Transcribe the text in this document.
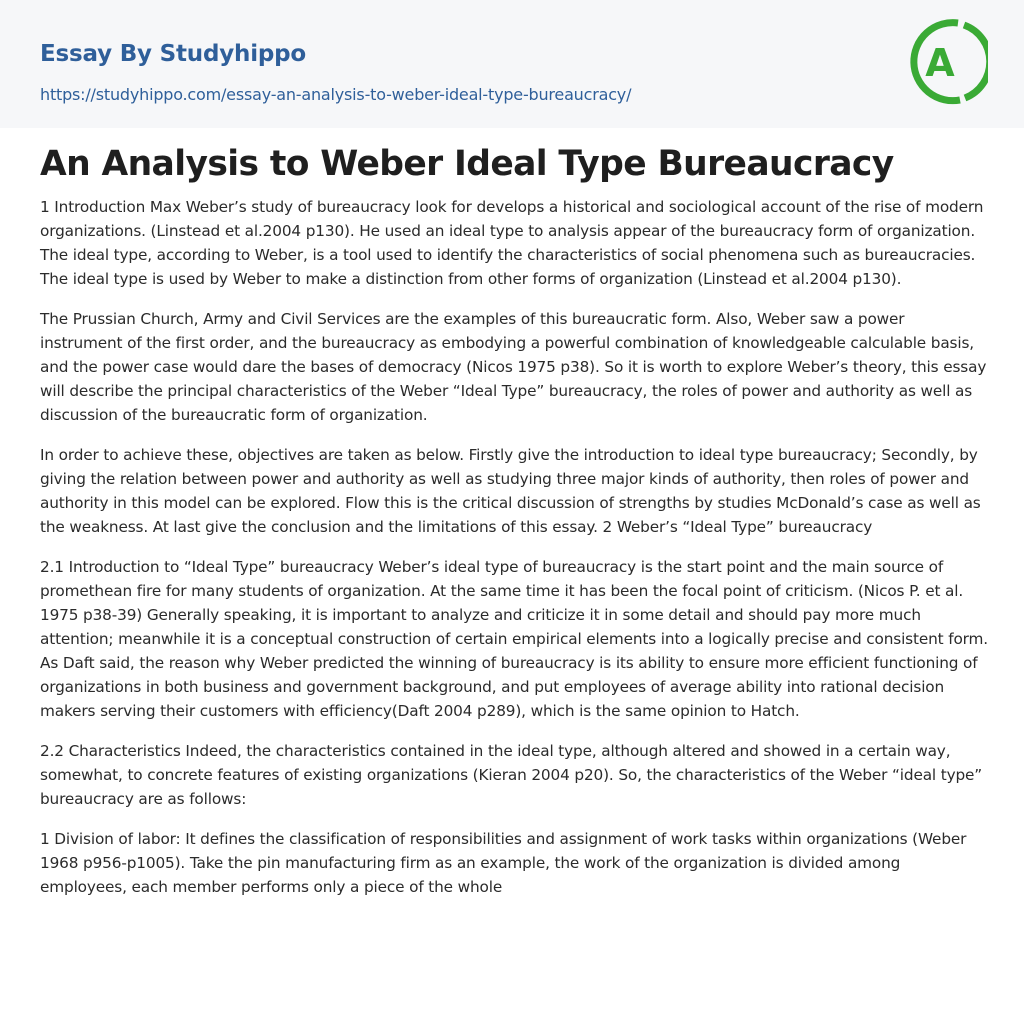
Essay By Studyhippo
https://studyhippo.com/essay-an-analysis-to-weber-ideal-type-bureaucracy/
A
An Analysis to Weber Ideal Type Bureaucracy

1 Introduction Max Weber’s study of bureaucracy look for develops a historical and sociological account of the rise of modern organizations. (Linstead et al.2004 p130). He used an ideal type to analysis appear of the bureaucracy form of organization. The ideal type, according to Weber, is a tool used to identify the characteristics of social phenomena such as bureaucracies. The ideal type is used by Weber to make a distinction from other forms of organization (Linstead et al.2004 p130).

The Prussian Church, Army and Civil Services are the examples of this bureaucratic form. Also, Weber saw a power instrument of the first order, and the bureaucracy as embodying a powerful combination of knowledgeable calculable basis, and the power case would dare the bases of democracy (Nicos 1975 p38). So it is worth to explore Weber’s theory, this essay will describe the principal characteristics of the Weber “Ideal Type” bureaucracy, the roles of power and authority as well as discussion of the bureaucratic form of organization.

In order to achieve these, objectives are taken as below. Firstly give the introduction to ideal type bureaucracy; Secondly, by giving the relation between power and authority as well as studying three major kinds of authority, then roles of power and authority in this model can be explored. Flow this is the critical discussion of strengths by studies McDonald’s case as well as the weakness. At last give the conclusion and the limitations of this essay. 2 Weber’s “Ideal Type” bureaucracy

2.1 Introduction to “Ideal Type” bureaucracy Weber’s ideal type of bureaucracy is the start point and the main source of promethean fire for many students of organization. At the same time it has been the focal point of criticism. (Nicos P. et al. 1975 p38-39) Generally speaking, it is important to analyze and criticize it in some detail and should pay more much attention; meanwhile it is a conceptual construction of certain empirical elements into a logically precise and consistent form. As Daft said, the reason why Weber predicted the winning of bureaucracy is its ability to ensure more efficient functioning of organizations in both business and government background, and put employees of average ability into rational decision makers serving their customers with efficiency(Daft 2004 p289), which is the same opinion to Hatch.

2.2 Characteristics Indeed, the characteristics contained in the ideal type, although altered and showed in a certain way, somewhat, to concrete features of existing organizations (Kieran 2004 p20). So, the characteristics of the Weber “ideal type” bureaucracy are as follows:

1 Division of labor: It defines the classification of responsibilities and assignment of work tasks within organizations (Weber 1968 p956-p1005). Take the pin manufacturing firm as an example, the work of the organization is divided among employees, each member performs only a piece of the whole
